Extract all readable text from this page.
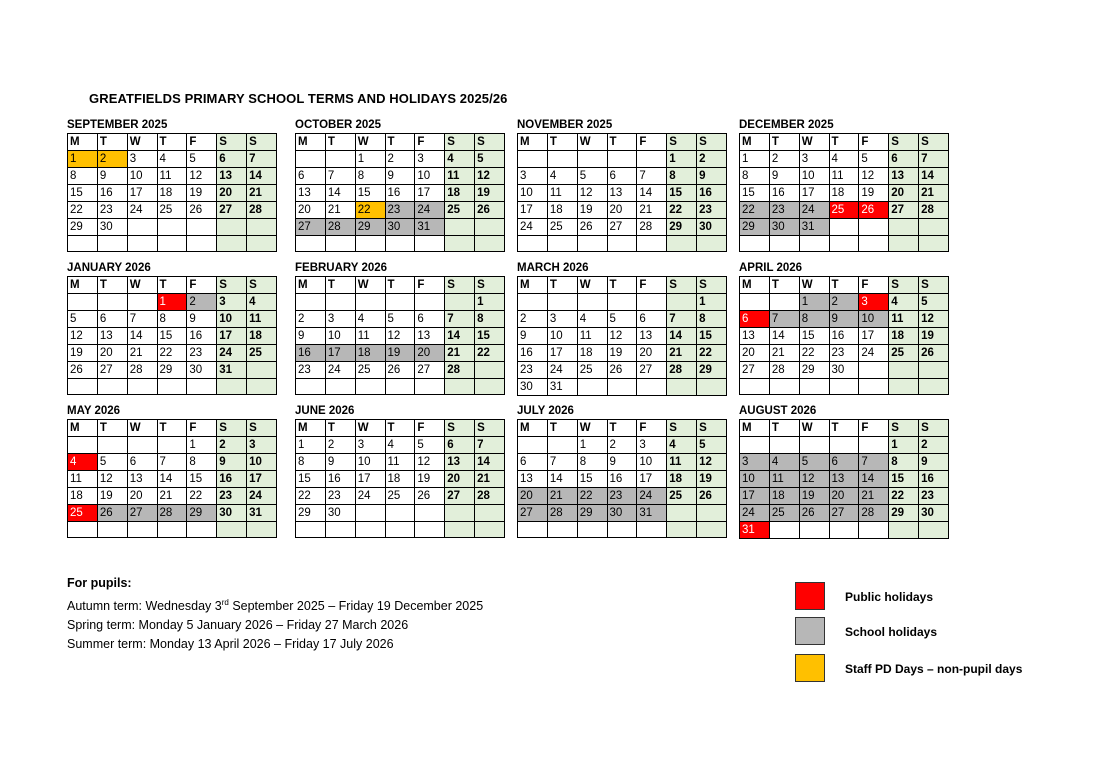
GREATFIELDS PRIMARY SCHOOL TERMS AND HOLIDAYS 2025/26
SEPTEMBER 2025
M	T	W	T	F	S	S
1	2	3	4	5	6	7
8	9	10	11	12	13	14
15	16	17	18	19	20	21
22	23	24	25	26	27	28
29	30					

OCTOBER 2025
M	T	W	T	F	S	S
		1	2	3	4	5
6	7	8	9	10	11	12
13	14	15	16	17	18	19
20	21	22	23	24	25	26
27	28	29	30	31		

NOVEMBER 2025
M	T	W	T	F	S	S
					1	2
3	4	5	6	7	8	9
10	11	12	13	14	15	16
17	18	19	20	21	22	23
24	25	26	27	28	29	30

DECEMBER 2025
M	T	W	T	F	S	S
1	2	3	4	5	6	7
8	9	10	11	12	13	14
15	16	17	18	19	20	21
22	23	24	25	26	27	28
29	30	31				

JANUARY 2026
M	T	W	T	F	S	S
			1	2	3	4
5	6	7	8	9	10	11
12	13	14	15	16	17	18
19	20	21	22	23	24	25
26	27	28	29	30	31	

FEBRUARY 2026
M	T	W	T	F	S	S
						1
2	3	4	5	6	7	8
9	10	11	12	13	14	15
16	17	18	19	20	21	22
23	24	25	26	27	28	

MARCH 2026
M	T	W	T	F	S	S
						1
2	3	4	5	6	7	8
9	10	11	12	13	14	15
16	17	18	19	20	21	22
23	24	25	26	27	28	29
30	31					
APRIL 2026
M	T	W	T	F	S	S
		1	2	3	4	5
6	7	8	9	10	11	12
13	14	15	16	17	18	19
20	21	22	23	24	25	26
27	28	29	30			

MAY 2026
M	T	W	T	F	S	S
				1	2	3
4	5	6	7	8	9	10
11	12	13	14	15	16	17
18	19	20	21	22	23	24
25	26	27	28	29	30	31

JUNE 2026
M	T	W	T	F	S	S
1	2	3	4	5	6	7
8	9	10	11	12	13	14
15	16	17	18	19	20	21
22	23	24	25	26	27	28
29	30					

JULY 2026
M	T	W	T	F	S	S
		1	2	3	4	5
6	7	8	9	10	11	12
13	14	15	16	17	18	19
20	21	22	23	24	25	26
27	28	29	30	31		

AUGUST 2026
M	T	W	T	F	S	S
					1	2
3	4	5	6	7	8	9
10	11	12	13	14	15	16
17	18	19	20	21	22	23
24	25	26	27	28	29	30
31						
For pupils:
Autumn term: Wednesday 3rd September 2025 – Friday 19 December 2025
Spring term: Monday 5 January 2026 – Friday 27 March 2026
Summer term: Monday 13 April 2026 – Friday 17 July 2026
Public holidays
School holidays
Staff PD Days – non-pupil days
